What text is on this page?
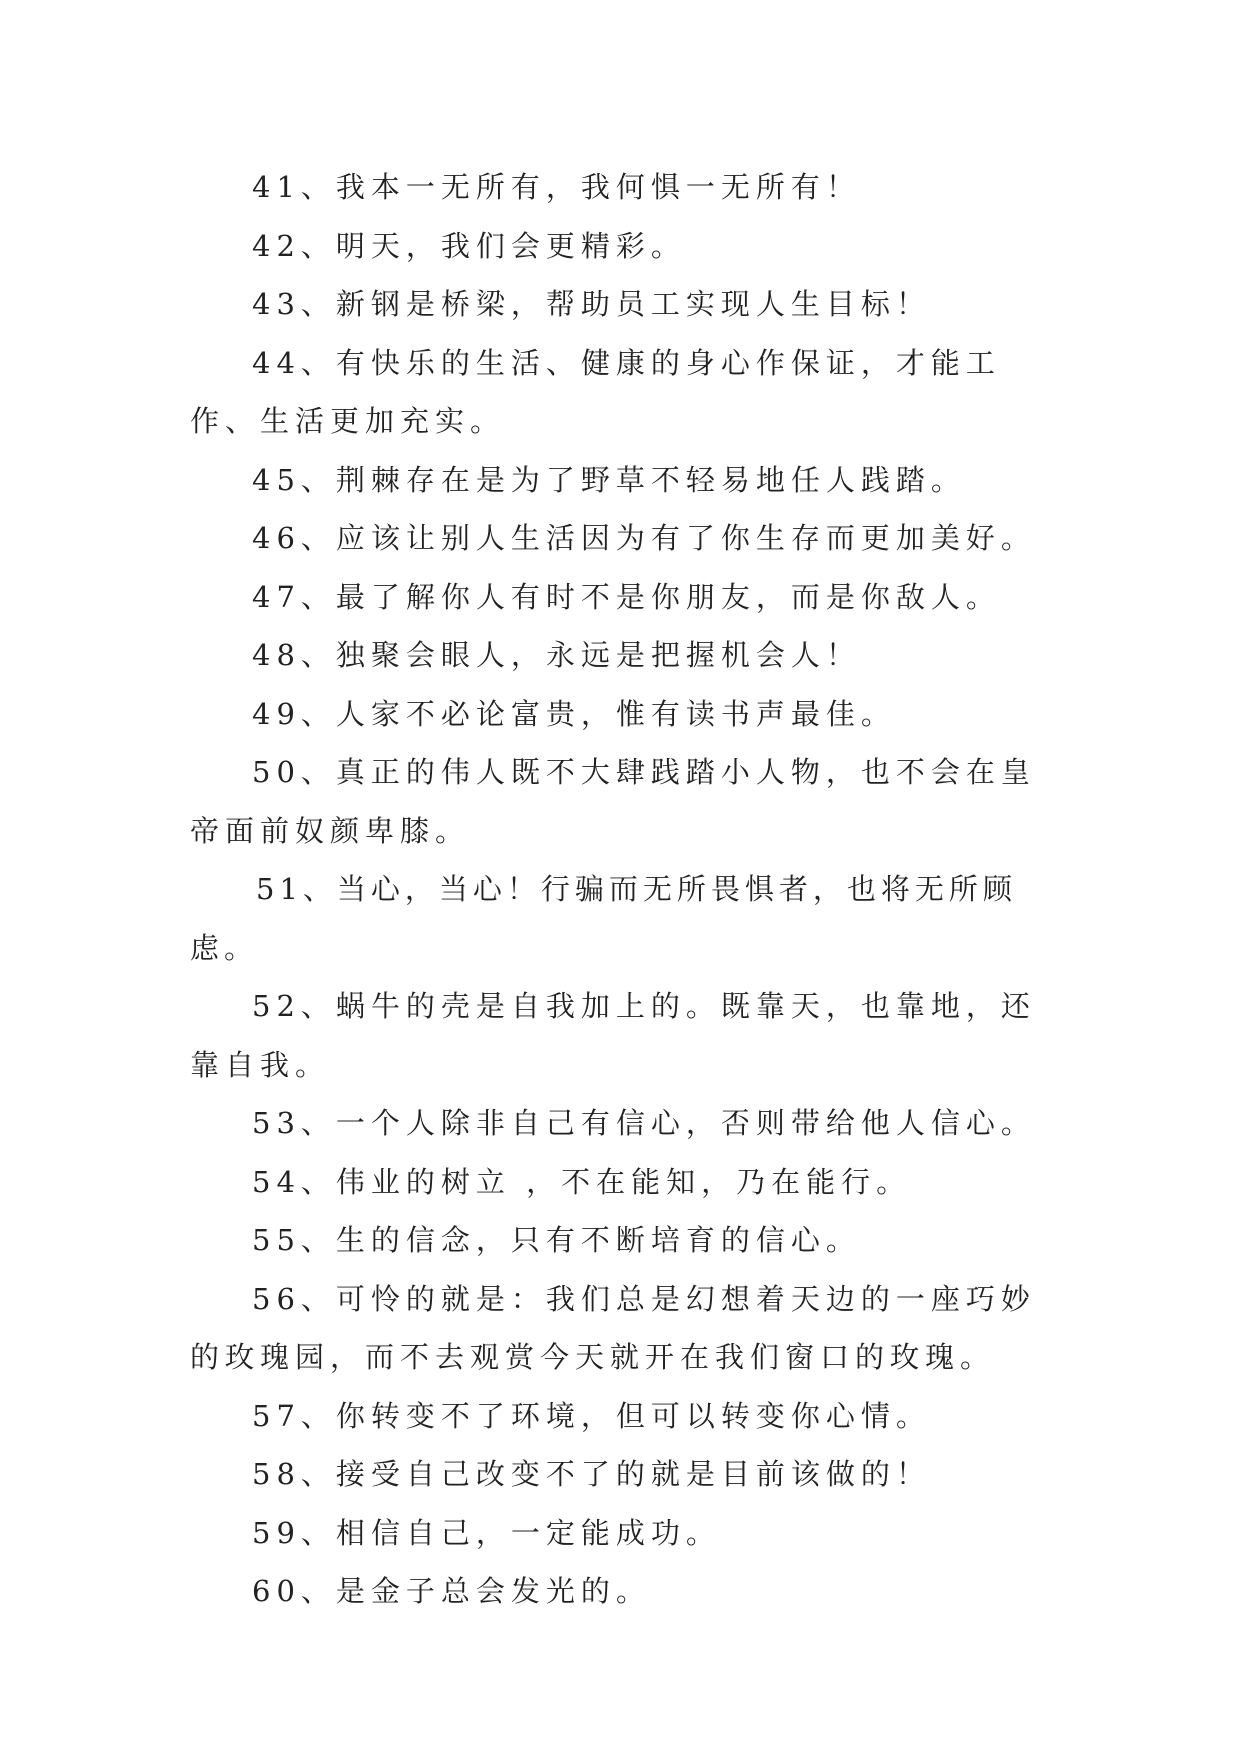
41、我本一无所有，我何惧一无所有！

42、明天，我们会更精彩。

43、新钢是桥梁，帮助员工实现人生目标！

44、有快乐的生活、健康的身心作保证，才能工作、生活更加充实。

45、荆棘存在是为了野草不轻易地任人践踏。

46、应该让别人生活因为有了你生存而更加美好。

47、最了解你人有时不是你朋友，而是你敌人。

48、独聚会眼人，永远是把握机会人！

49、人家不必论富贵，惟有读书声最佳。

50、真正的伟人既不大肆践踏小人物，也不会在皇帝面前奴颜卑膝。

51、当心，当心！行骗而无所畏惧者，也将无所顾虑。

52、蜗牛的壳是自我加上的。既靠天，也靠地，还靠自我。

53、一个人除非自己有信心，否则带给他人信心。

54、伟业的树立 ，不在能知，乃在能行。

55、生的信念，只有不断培育的信心。

56、可怜的就是：我们总是幻想着天边的一座巧妙的玫瑰园，而不去观赏今天就开在我们窗口的玫瑰。

57、你转变不了环境，但可以转变你心情。

58、接受自己改变不了的就是目前该做的！

59、相信自己，一定能成功。

60、是金子总会发光的。
